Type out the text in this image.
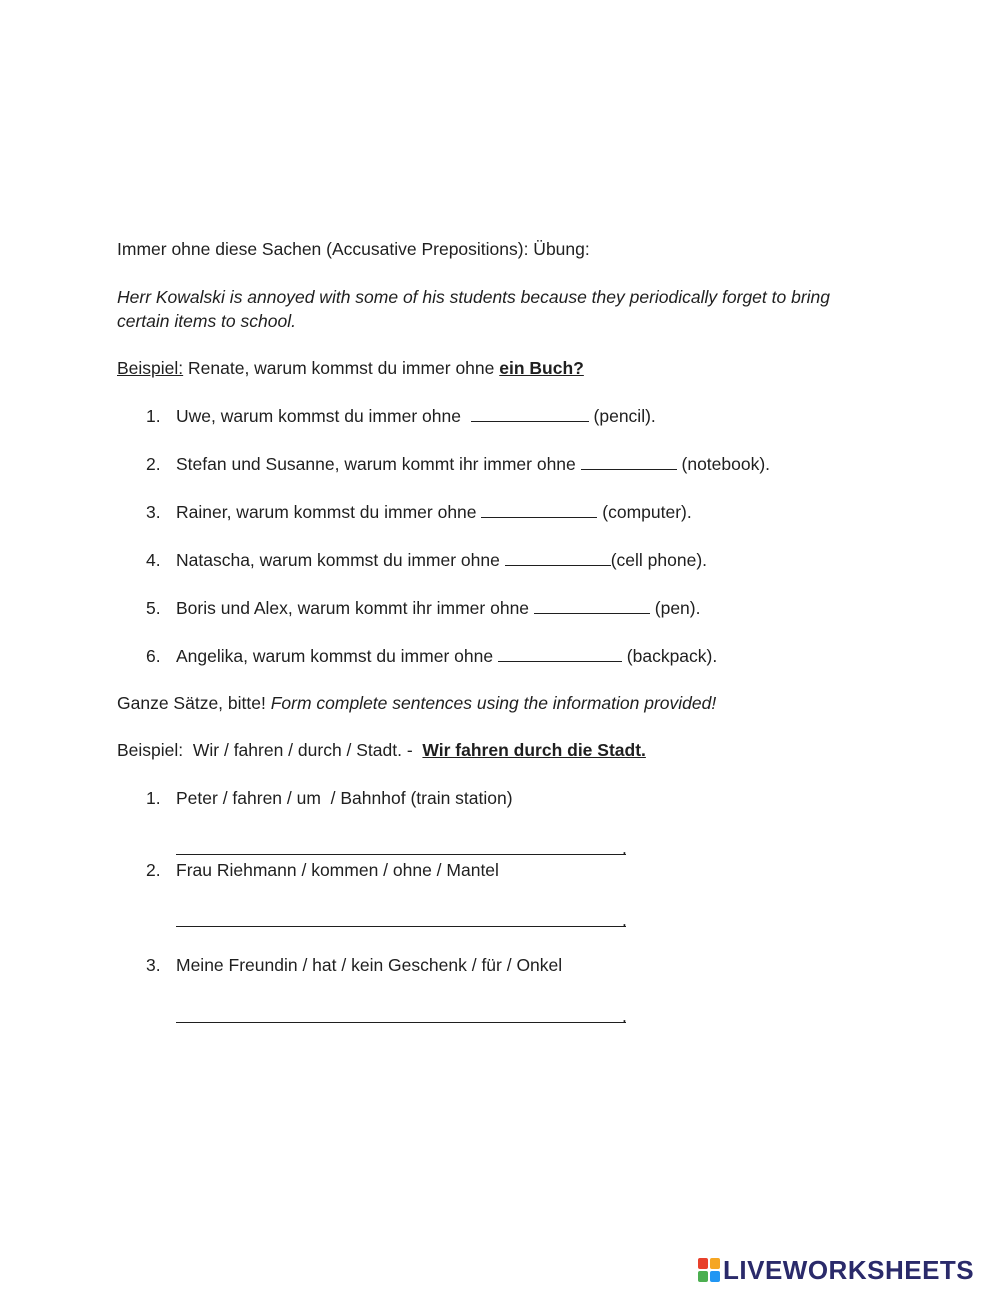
Immer ohne diese Sachen (Accusative Prepositions): Übung:
Herr Kowalski is annoyed with some of his students because they periodically forget to bring
certain items to school.
Beispiel: Renate, warum kommst du immer ohne ein Buch?
1. Uwe, warum kommst du immer ohne	(pencil).
2. Stefan und Susanne, warum kommt ihr immer ohne	(notebook).
3. Rainer, warum kommst du immer ohne	(computer).
4. Natascha, warum kommst du immer ohne	(cell phone).
5. Boris und Alex, warum kommt ihr immer ohne	(pen).
6. Angelika, warum kommst du immer ohne	(backpack).
Ganze Sätze, bitte! Form complete sentences using the information provided!
Beispiel:  Wir / fahren / durch / Stadt. -  Wir fahren durch die Stadt.
1. Peter / fahren / um  / Bahnhof (train station)
.
2. Frau Riehmann / kommen / ohne / Mantel
.
3. Meine Freundin / hat / kein Geschenk / für / Onkel
.
LIVEWORKSHEETS
